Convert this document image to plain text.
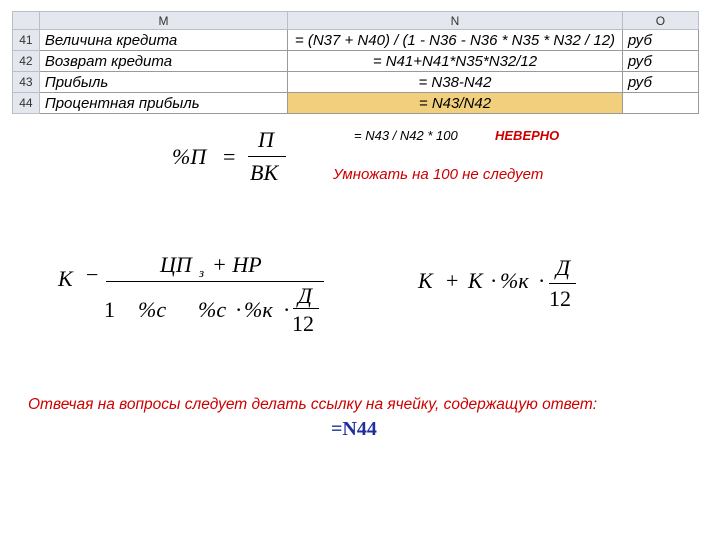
	M	N	O
41	Величина кредита	= (N37 + N40) / (1 - N36 - N36 * N35 * N32 / 12)	руб
42	Возврат кредита	= N41+N41*N35*N32/12	руб
43	Прибыль	= N38-N42	руб
44	Процентная прибыль	= N43/N42	
= N43 / N42 * 100	НЕВЕРНО
Умножать на 100 не следует
%П =
П
ВК
К −	ЦП з + НР
1 %с %с · %к ·
Д
12
К + К · %к ·
Д
12
Отвечая на вопросы следует делать ссылку на ячейку, содержащую ответ:
=N44
